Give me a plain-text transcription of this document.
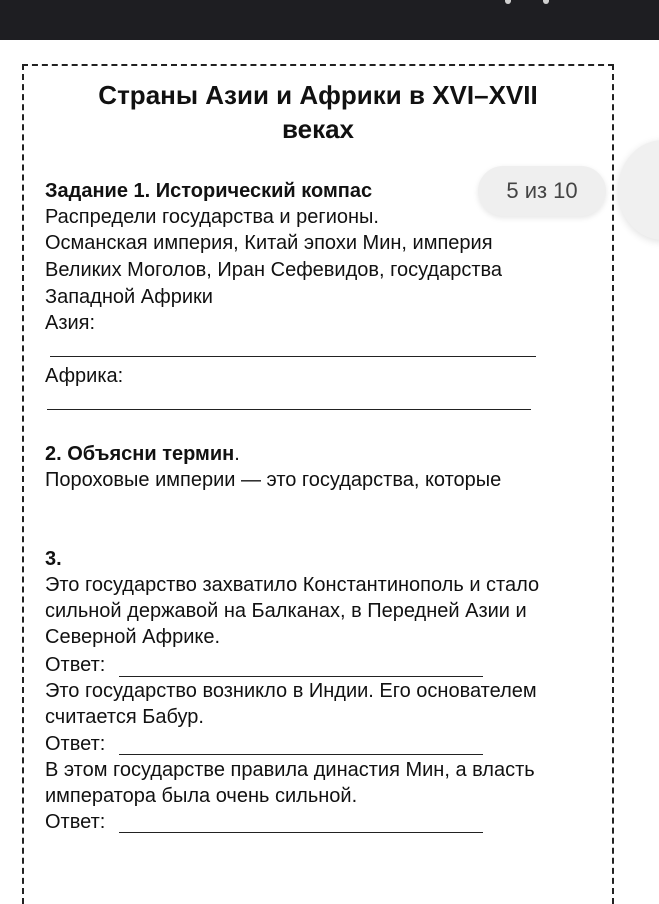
Страны Азии и Африки в XVI–XVII
веках
Задание 1. Исторический компас
Распредели государства и регионы.
Османская империя, Китай эпохи Мин, империя
Великих Моголов, Иран Сефевидов, государства
Западной Африки
Азия:
Африка:
2. Объясни термин.
Пороховые империи — это государства, которые
3.
Это государство захватило Константинополь и стало
сильной державой на Балканах, в Передней Азии и
Северной Африке.
Ответ:
Это государство возникло в Индии. Его основателем
считается Бабур.
Ответ:
В этом государстве правила династия Мин, а власть
императора была очень сильной.
Ответ:
5 из 10
